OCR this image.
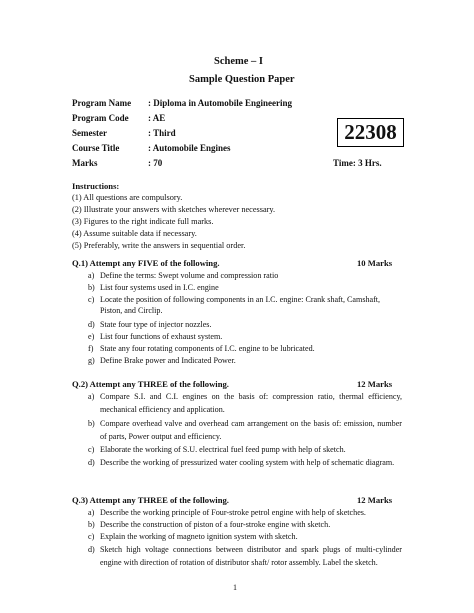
Scheme – I
Sample Question Paper
Program Name : Diploma in Automobile Engineering
Program Code : AE
Semester	: Third
Course Title	: Automobile Engines
Marks	: 70
22308
Time: 3 Hrs.
Instructions:
(1) All questions are compulsory.
(2) Illustrate your answers with sketches wherever necessary.
(3) Figures to the right indicate full marks.
(4) Assume suitable data if necessary.
(5) Preferably, write the answers in sequential order.
Q.1) Attempt any FIVE of the following.	10 Marks
a) Define the terms: Swept volume and compression ratio
b) List four systems used in I.C. engine
c) Locate the position of following components in an I.C. engine: Crank shaft, Camshaft,
Piston, and Circlip.
d) State four type of injector nozzles.
e) List four functions of exhaust system.
f) State any four rotating components of I.C. engine to be lubricated.
g) Define Brake power and Indicated Power.
Q.2) Attempt any THREE of the following.	12 Marks
a) Compare S.I. and C.I. engines on the basis of: compression ratio, thermal efficiency, mechanical efficiency and application.
b) Compare overhead valve and overhead cam arrangement on the basis of: emission, number of parts, Power output and efficiency.
c) Elaborate the working of S.U. electrical fuel feed pump with help of sketch.
d) Describe the working of pressurized water cooling system with help of schematic diagram.
Q.3) Attempt any THREE of the following.	12 Marks
a) Describe the working principle of Four-stroke petrol engine with help of sketches.
b) Describe the construction of piston of a four-stroke engine with sketch.
c) Explain the working of magneto ignition system with sketch.
d) Sketch high voltage connections between distributor and spark plugs of multi-cylinder engine with direction of rotation of distributor shaft/ rotor assembly. Label the sketch.
1
